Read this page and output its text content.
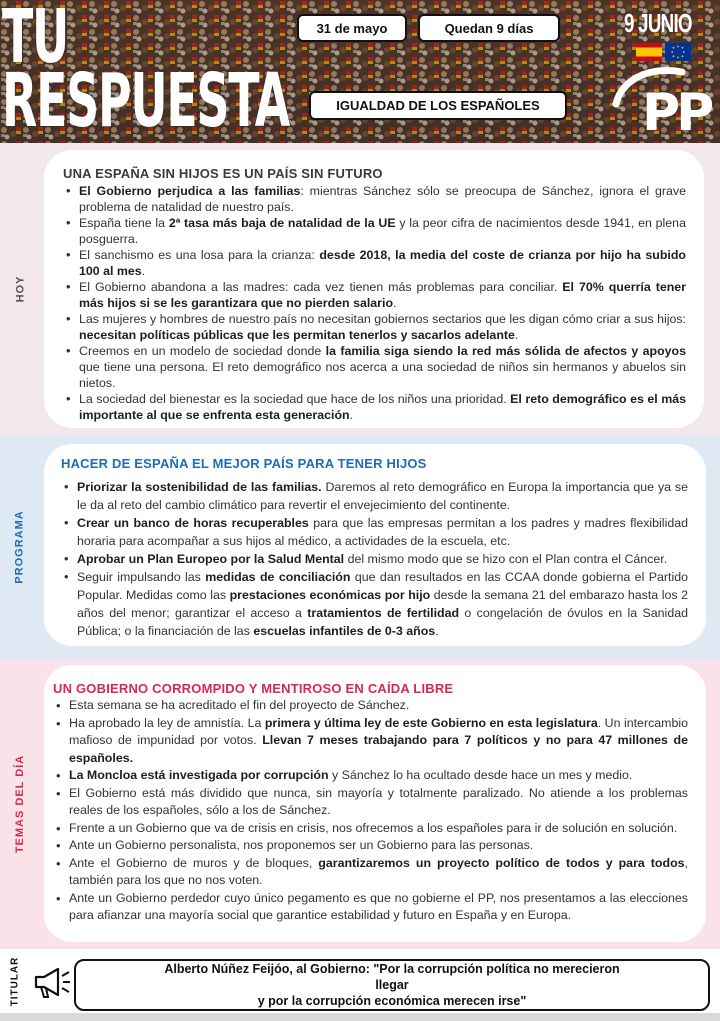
TU
RESPUESTA
31 de mayo	Quedan 9 días
IGUALDAD DE LOS ESPAÑOLES
9 JUNIO
PP
HOY
UNA ESPAÑA SIN HIJOS ES UN PAÍS SIN FUTURO
• El Gobierno perjudica a las familias: mientras Sánchez sólo se preocupa de Sánchez, ignora el grave problema de natalidad de nuestro país.
• España tiene la 2ª tasa más baja de natalidad de la UE y la peor cifra de nacimientos desde 1941, en plena posguerra.
• El sanchismo es una losa para la crianza: desde 2018, la media del coste de crianza por hijo ha subido 100 al mes.
• El Gobierno abandona a las madres: cada vez tienen más problemas para conciliar. El 70% querría tener más hijos si se les garantizara que no pierden salario.
• Las mujeres y hombres de nuestro país no necesitan gobiernos sectarios que les digan cómo criar a sus hijos: necesitan políticas públicas que les permitan tenerlos y sacarlos adelante.
• Creemos en un modelo de sociedad donde la familia siga siendo la red más sólida de afectos y apoyos que tiene una persona. El reto demográfico nos acerca a una sociedad de niños sin hermanos y abuelos sin nietos.
• La sociedad del bienestar es la sociedad que hace de los niños una prioridad. El reto demográfico es el más importante al que se enfrenta esta generación.
PROGRAMA
HACER DE ESPAÑA EL MEJOR PAÍS PARA TENER HIJOS
• Priorizar la sostenibilidad de las familias. Daremos al reto demográfico en Europa la importancia que ya se le da al reto del cambio climático para revertir el envejecimiento del continente.
• Crear un banco de horas recuperables para que las empresas permitan a los padres y madres flexibilidad horaria para acompañar a sus hijos al médico, a actividades de la escuela, etc.
• Aprobar un Plan Europeo por la Salud Mental del mismo modo que se hizo con el Plan contra el Cáncer.
• Seguir impulsando las medidas de conciliación que dan resultados en las CCAA donde gobierna el Partido Popular. Medidas como las prestaciones económicas por hijo desde la semana 21 del embarazo hasta los 2 años del menor; garantizar el acceso a tratamientos de fertilidad o congelación de óvulos en la Sanidad Pública; o la financiación de las escuelas infantiles de 0-3 años.
TEMAS DEL DÍA
UN GOBIERNO CORROMPIDO Y MENTIROSO EN CAÍDA LIBRE
• Esta semana se ha acreditado el fin del proyecto de Sánchez.
• Ha aprobado la ley de amnistía. La primera y última ley de este Gobierno en esta legislatura. Un intercambio mafioso de impunidad por votos. Llevan 7 meses trabajando para 7 políticos y no para 47 millones de españoles.
• La Moncloa está investigada por corrupción y Sánchez lo ha ocultado desde hace un mes y medio.
• El Gobierno está más dividido que nunca, sin mayoría y totalmente paralizado. No atiende a los problemas reales de los españoles, sólo a los de Sánchez.
• Frente a un Gobierno que va de crisis en crisis, nos ofrecemos a los españoles para ir de solución en solución.
• Ante un Gobierno personalista, nos proponemos ser un Gobierno para las personas.
• Ante el Gobierno de muros y de bloques, garantizaremos un proyecto político de todos y para todos, también para los que no nos voten.
• Ante un Gobierno perdedor cuyo único pegamento es que no gobierne el PP, nos presentamos a las elecciones para afianzar una mayoría social que garantice estabilidad y futuro en España y en Europa.
TITULAR	Alberto Núñez Feijóo, al Gobierno: "Por la corrupción política no merecieron llegar
y por la corrupción económica merecen irse"
